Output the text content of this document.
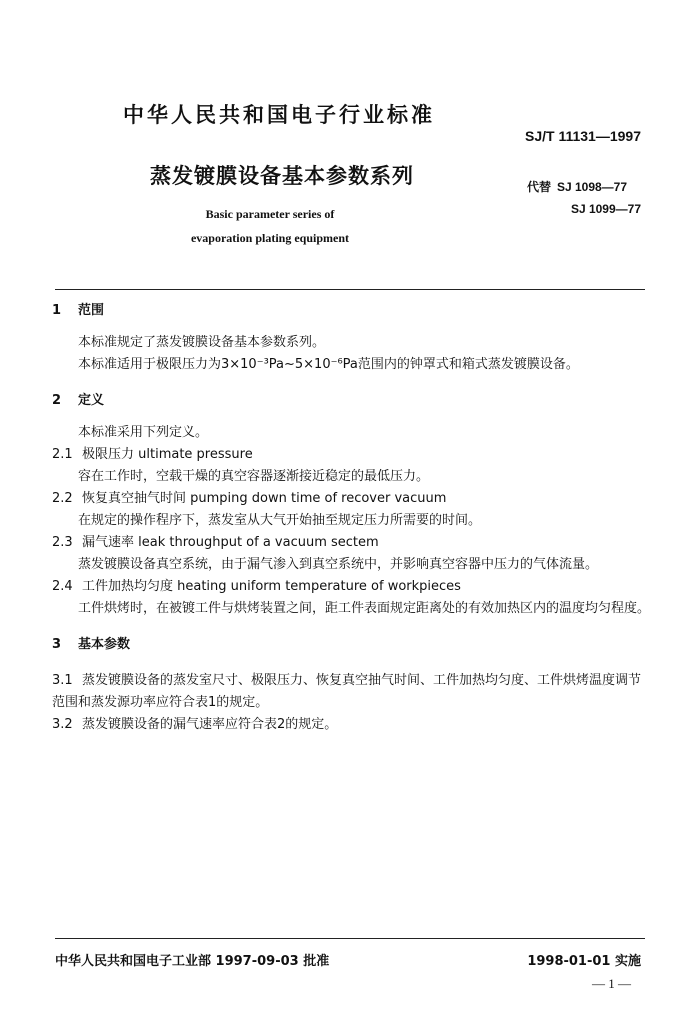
中华人民共和国电子行业标准
SJ/T 11131—1997
蒸发镀膜设备基本参数系列	代替 SJ 1098—77
SJ 1099—77
Basic parameter series of
evaporation plating equipment
1 范围
本标准规定了蒸发镀膜设备基本参数系列。
本标准适用于极限压力为3×10⁻³Pa~5×10⁻⁶Pa范围内的钟罩式和箱式蒸发镀膜设备。
2 定义
本标准采用下列定义。
2.1 极限压力 ultimate pressure
容在工作时，空载干燥的真空容器逐渐接近稳定的最低压力。
2.2 恢复真空抽气时间 pumping down time of recover vacuum
在规定的操作程序下，蒸发室从大气开始抽至规定压力所需要的时间。
2.3 漏气速率 leak throughput of a vacuum sectem
蒸发镀膜设备真空系统，由于漏气渗入到真空系统中，并影响真空容器中压力的气体流量。
2.4 工件加热均匀度 heating uniform temperature of workpieces
工件烘烤时，在被镀工件与烘烤装置之间，距工件表面规定距离处的有效加热区内的温度均匀程度。
3 基本参数
3.1 蒸发镀膜设备的蒸发室尺寸、极限压力、恢复真空抽气时间、工件加热均匀度、工件烘烤温度调节范围和蒸发源功率应符合表1的规定。
3.2 蒸发镀膜设备的漏气速率应符合表2的规定。
中华人民共和国电子工业部 1997-09-03 批准	1998-01-01 实施
— 1 —
